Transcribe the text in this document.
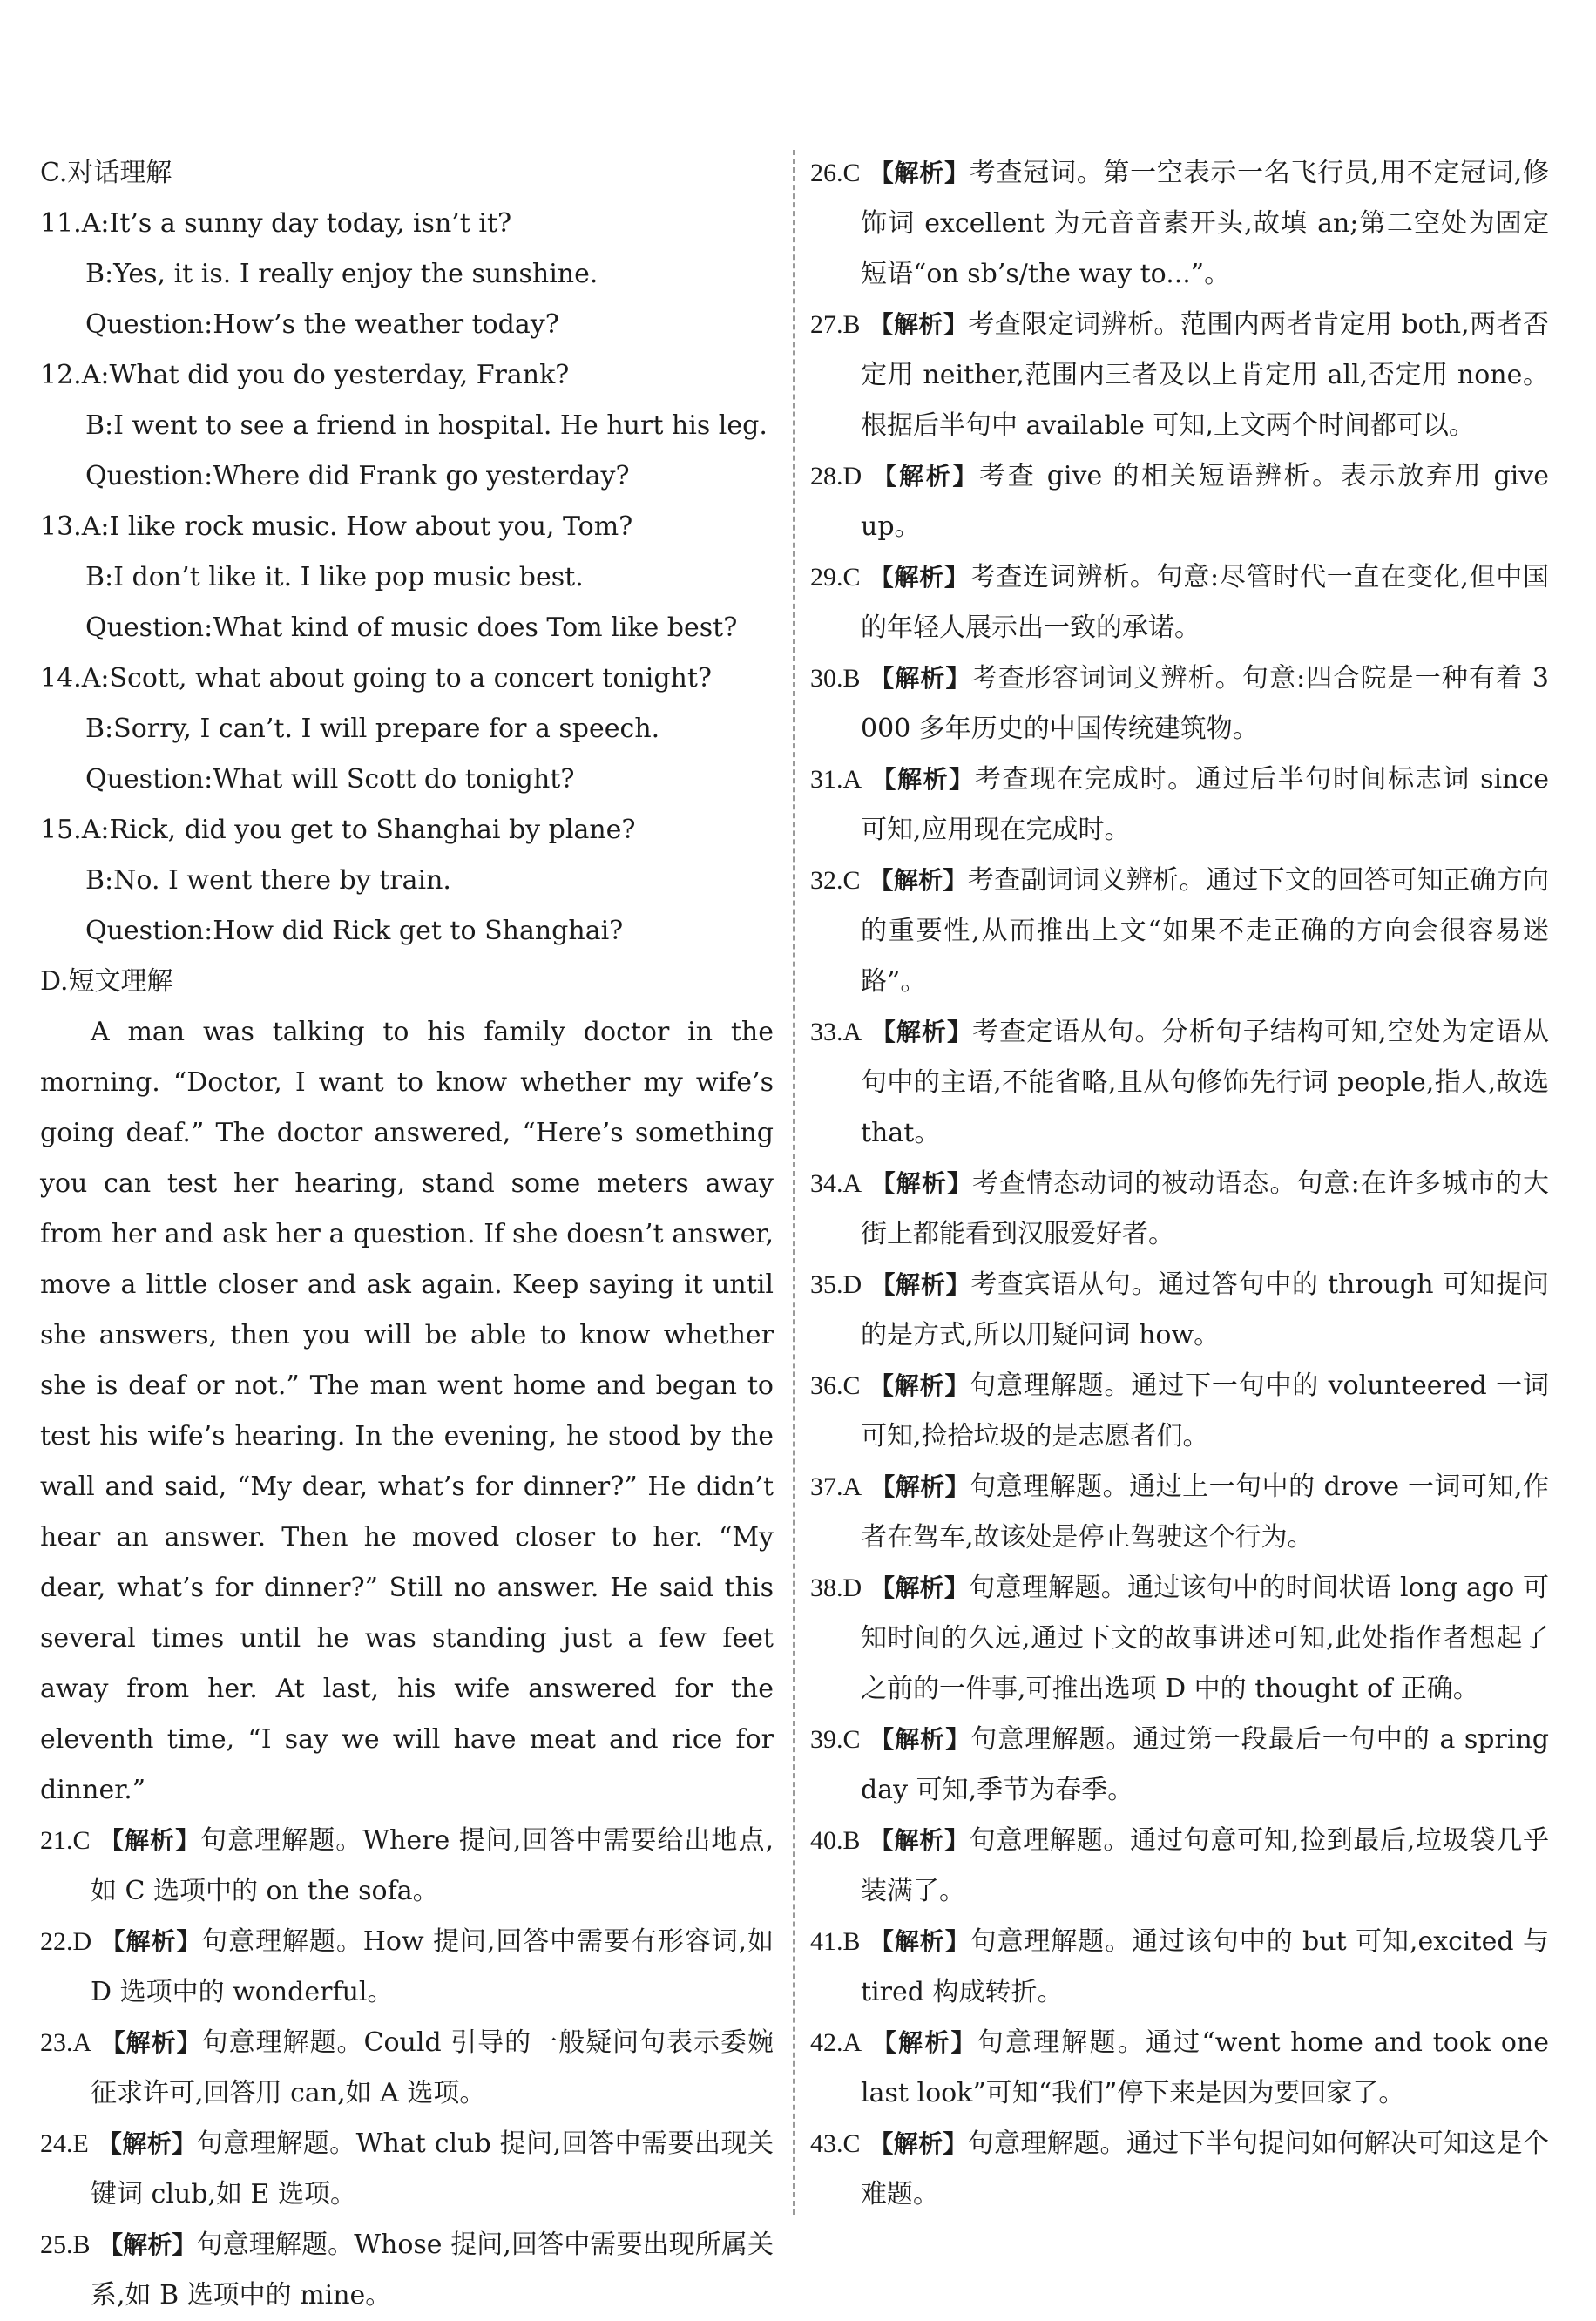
C.对话理解

11.A:It’s a sunny day today, isn’t it?

B:Yes, it is. I really enjoy the sunshine.

Question:How’s the weather today?

12.A:What did you do yesterday, Frank?

B:I went to see a friend in hospital. He hurt his leg.

Question:Where did Frank go yesterday?

13.A:I like rock music. How about you, Tom?

B:I don’t like it. I like pop music best.

Question:What kind of music does Tom like best?

14.A:Scott, what about going to a concert tonight?

B:Sorry, I can’t. I will prepare for a speech.

Question:What will Scott do tonight?

15.A:Rick, did you get to Shanghai by plane?

B:No. I went there by train.

Question:How did Rick get to Shanghai?

D.短文理解

A man was talking to his family doctor in the morning. “Doctor, I want to know whether my wife’s going deaf.” The doctor answered, “Here’s something you can test her hearing, stand some meters away from her and ask her a question. If she doesn’t answer, move a little closer and ask again. Keep saying it until she answers, then you will be able to know whether she is deaf or not.” The man went home and began to test his wife’s hearing. In the evening, he stood by the wall and said, “My dear, what’s for dinner?” He didn’t hear an answer. Then he moved closer to her. “My dear, what’s for dinner?” Still no answer. He said this several times until he was standing just a few feet away from her. At last, his wife answered for the eleventh time, “I say we will have meat and rice for dinner.”

21.C 【解析】句意理解题。Where 提问,回答中需要给出地点,如 C 选项中的 on the sofa。
22.D 【解析】句意理解题。How 提问,回答中需要有形容词,如 D 选项中的 wonderful。
23.A 【解析】句意理解题。Could 引导的一般疑问句表示委婉征求许可,回答用 can,如 A 选项。
24.E 【解析】句意理解题。What club 提问,回答中需要出现关键词 club,如 E 选项。
25.B 【解析】句意理解题。Whose 提问,回答中需要出现所属关系,如 B 选项中的 mine。
26.C 【解析】考查冠词。第一空表示一名飞行员,用不定冠词,修饰词 excellent 为元音音素开头,故填 an;第二空处为固定短语“on sb’s/the way to...”。
27.B 【解析】考查限定词辨析。范围内两者肯定用 both,两者否定用 neither,范围内三者及以上肯定用 all,否定用 none。根据后半句中 available 可知,上文两个时间都可以。
28.D 【解析】考查 give 的相关短语辨析。表示放弃用 give up。
29.C 【解析】考查连词辨析。句意:尽管时代一直在变化,但中国的年轻人展示出一致的承诺。
30.B 【解析】考查形容词词义辨析。句意:四合院是一种有着 3 000 多年历史的中国传统建筑物。
31.A 【解析】考查现在完成时。通过后半句时间标志词 since 可知,应用现在完成时。
32.C 【解析】考查副词词义辨析。通过下文的回答可知正确方向的重要性,从而推出上文“如果不走正确的方向会很容易迷路”。
33.A 【解析】考查定语从句。分析句子结构可知,空处为定语从句中的主语,不能省略,且从句修饰先行词 people,指人,故选 that。
34.A 【解析】考查情态动词的被动语态。句意:在许多城市的大街上都能看到汉服爱好者。
35.D 【解析】考查宾语从句。通过答句中的 through 可知提问的是方式,所以用疑问词 how。
36.C 【解析】句意理解题。通过下一句中的 volunteered 一词可知,捡拾垃圾的是志愿者们。
37.A 【解析】句意理解题。通过上一句中的 drove 一词可知,作者在驾车,故该处是停止驾驶这个行为。
38.D 【解析】句意理解题。通过该句中的时间状语 long ago 可知时间的久远,通过下文的故事讲述可知,此处指作者想起了之前的一件事,可推出选项 D 中的 thought of 正确。
39.C 【解析】句意理解题。通过第一段最后一句中的 a spring day 可知,季节为春季。
40.B 【解析】句意理解题。通过句意可知,捡到最后,垃圾袋几乎装满了。
41.B 【解析】句意理解题。通过该句中的 but 可知,excited 与 tired 构成转折。
42.A 【解析】句意理解题。通过“went home and took one last look”可知“我们”停下来是因为要回家了。
43.C 【解析】句意理解题。通过下半句提问如何解决可知这是个难题。
